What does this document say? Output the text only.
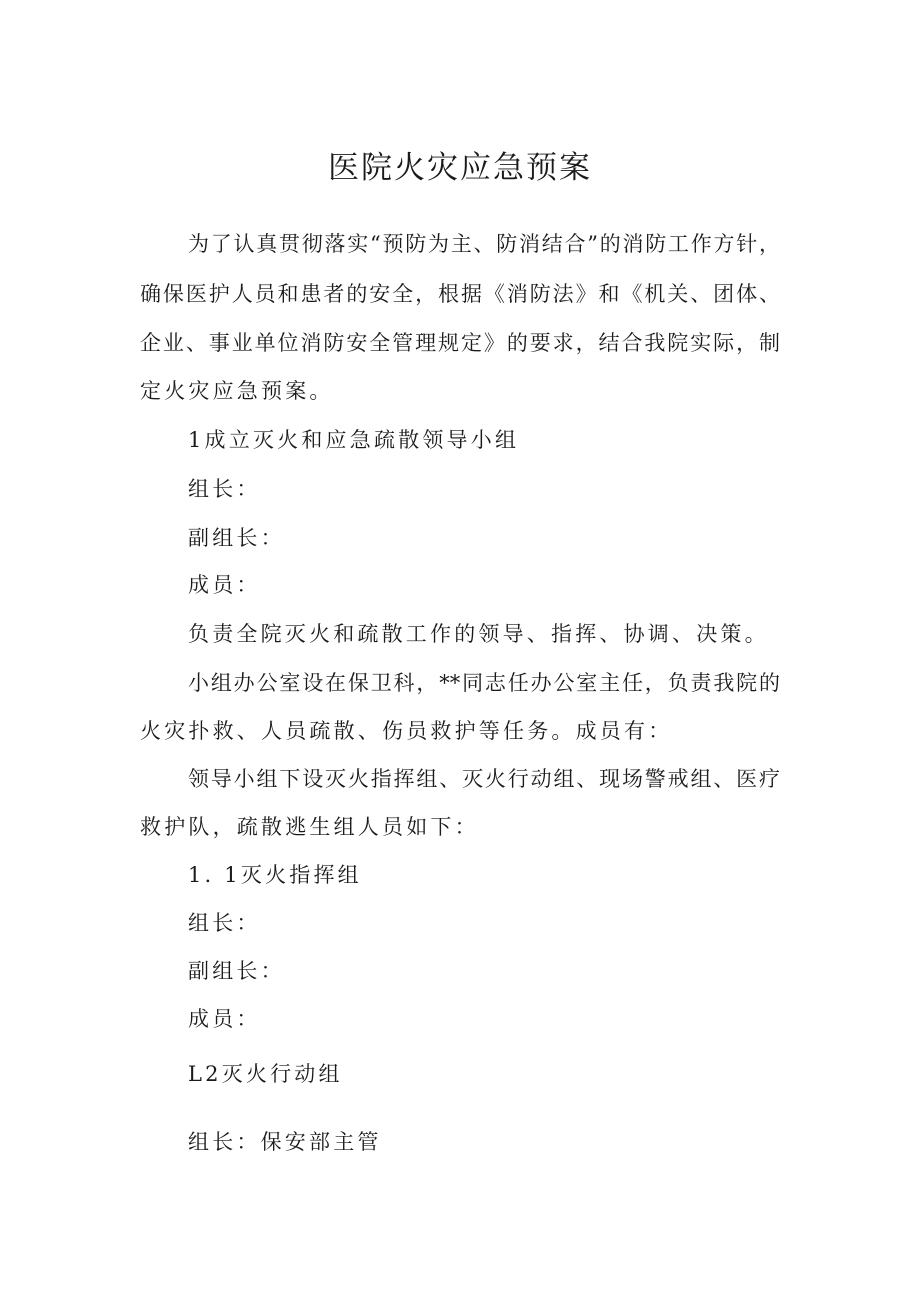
医院火灾应急预案
为了认真贯彻落实“预防为主、防消结合”的消防工作方针，
确保医护人员和患者的安全，根据《消防法》和《机关、团体、
企业、事业单位消防安全管理规定》的要求，结合我院实际，制
定火灾应急预案。
1成立灭火和应急疏散领导小组
组长：
副组长：
成员：
负责全院灭火和疏散工作的领导、指挥、协调、决策。
小组办公室设在保卫科，**同志任办公室主任，负责我院的
火灾扑救、人员疏散、伤员救护等任务。成员有：
领导小组下设灭火指挥组、灭火行动组、现场警戒组、医疗
救护队，疏散逃生组人员如下：
1. 1灭火指挥组
组长：
副组长：
成员：
L2灭火行动组
组长：保安部主管
